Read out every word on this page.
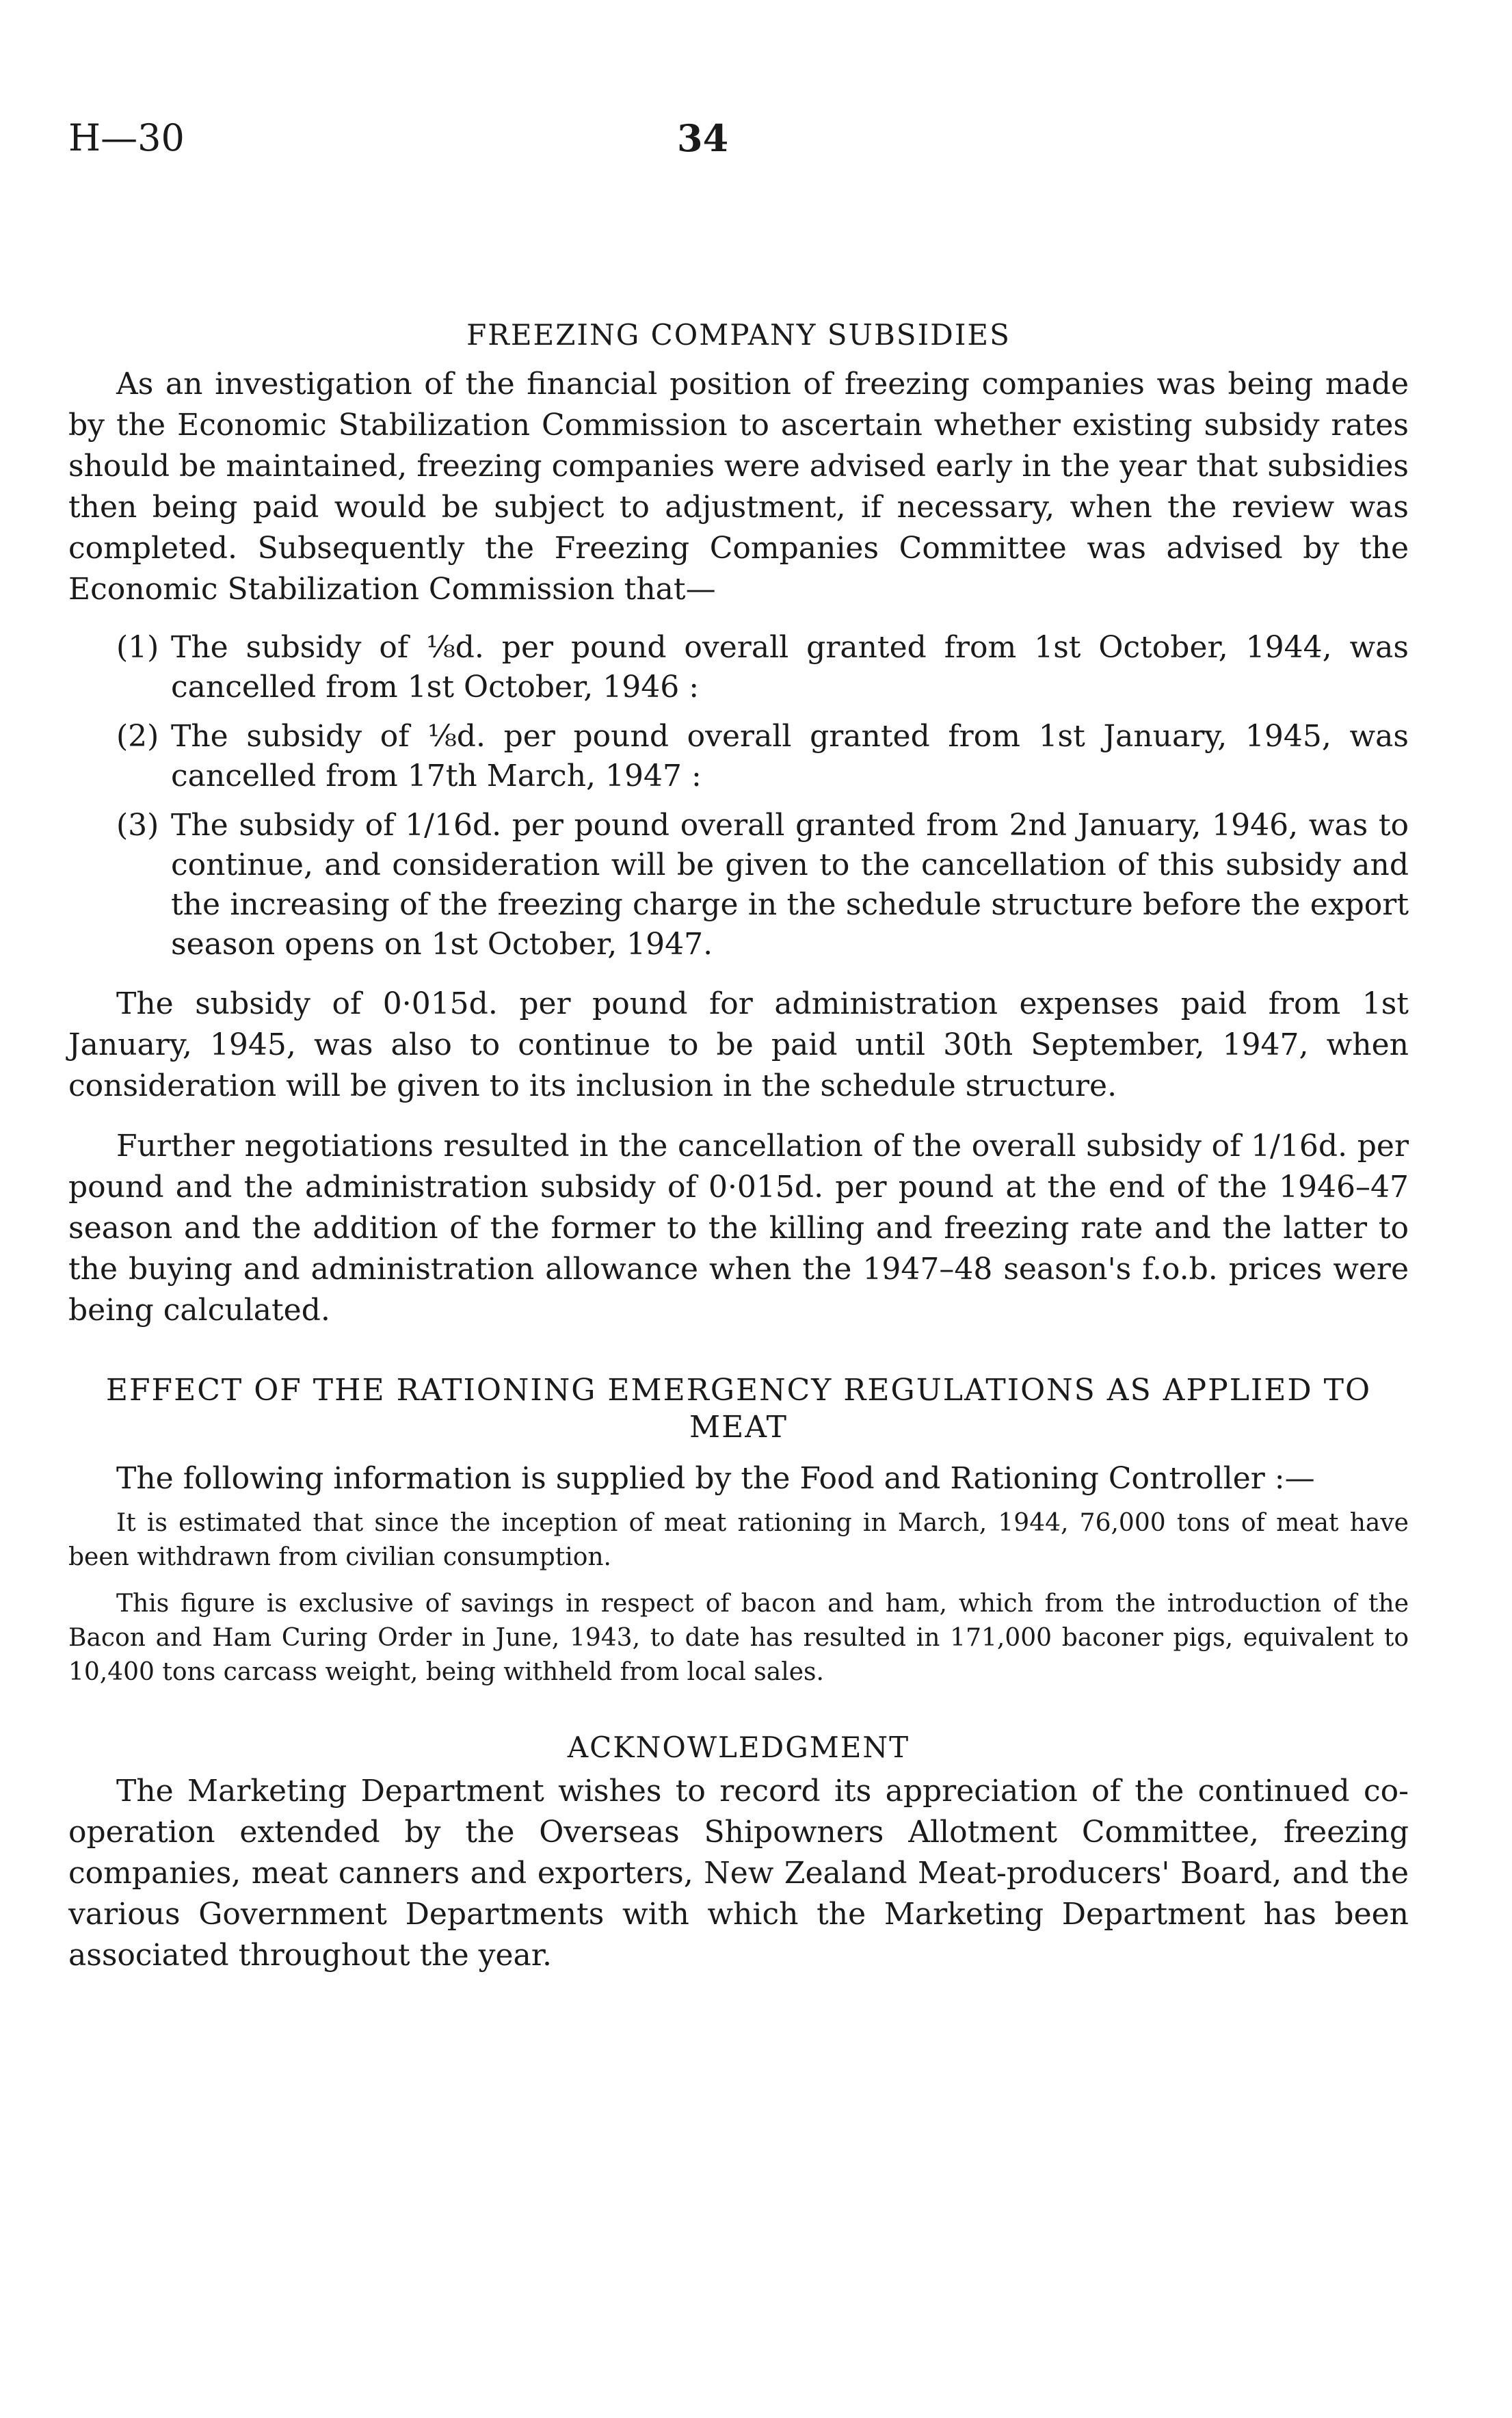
H—30	34
FREEZING COMPANY SUBSIDIES

As an investigation of the financial position of freezing companies was being made by the Economic Stabilization Commission to ascertain whether existing subsidy rates should be maintained, freezing companies were advised early in the year that subsidies then being paid would be subject to adjustment, if necessary, when the review was completed. Subsequently the Freezing Companies Committee was advised by the Economic Stabilization Commission that—

(1) The subsidy of ⅛d. per pound overall granted from 1st October, 1944, was cancelled from 1st October, 1946 :
(2) The subsidy of ⅛d. per pound overall granted from 1st January, 1945, was cancelled from 17th March, 1947 :
(3) The subsidy of 1/16d. per pound overall granted from 2nd January, 1946, was to continue, and consideration will be given to the cancellation of this subsidy and the increasing of the freezing charge in the schedule structure before the export season opens on 1st October, 1947.

The subsidy of 0·015d. per pound for administration expenses paid from 1st January, 1945, was also to continue to be paid until 30th September, 1947, when consideration will be given to its inclusion in the schedule structure.

Further negotiations resulted in the cancellation of the overall subsidy of 1/16d. per pound and the administration subsidy of 0·015d. per pound at the end of the 1946–47 season and the addition of the former to the killing and freezing rate and the latter to the buying and administration allowance when the 1947–48 season's f.o.b. prices were being calculated.

EFFECT OF THE RATIONING EMERGENCY REGULATIONS AS APPLIED TO MEAT

The following information is supplied by the Food and Rationing Controller :—

It is estimated that since the inception of meat rationing in March, 1944, 76,000 tons of meat have been withdrawn from civilian consumption.

This figure is exclusive of savings in respect of bacon and ham, which from the introduction of the Bacon and Ham Curing Order in June, 1943, to date has resulted in 171,000 baconer pigs, equivalent to 10,400 tons carcass weight, being withheld from local sales.

ACKNOWLEDGMENT

The Marketing Department wishes to record its appreciation of the continued co-operation extended by the Overseas Shipowners Allotment Committee, freezing companies, meat canners and exporters, New Zealand Meat-producers' Board, and the various Government Departments with which the Marketing Department has been associated throughout the year.
